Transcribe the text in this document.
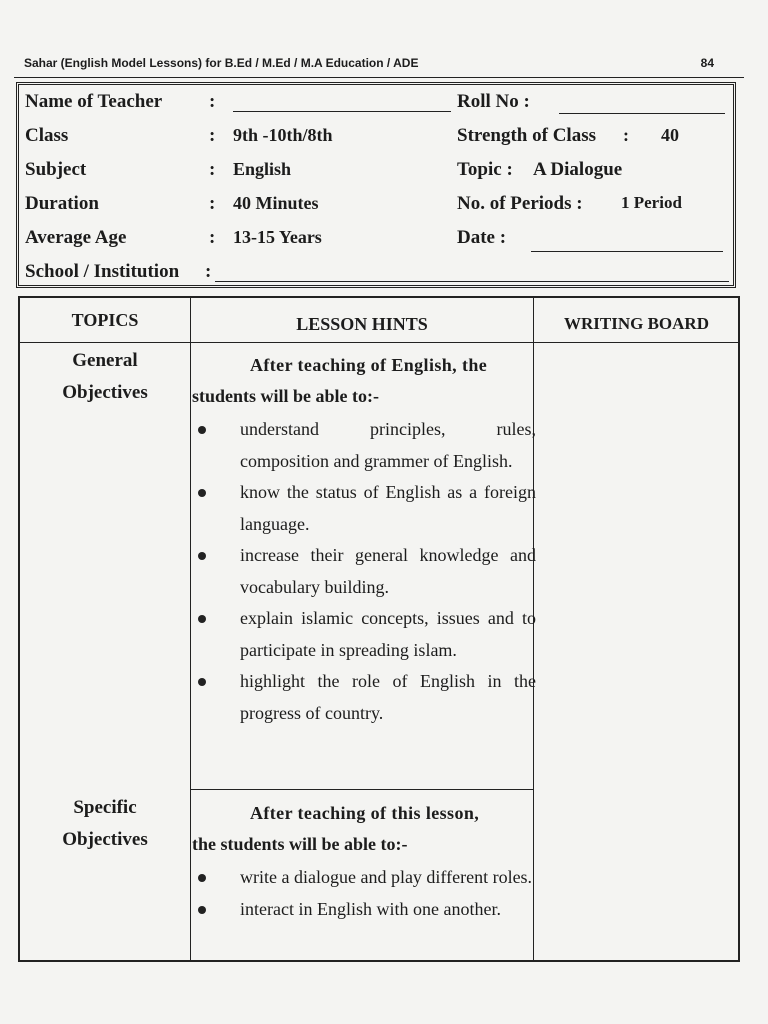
Sahar (English Model Lessons) for B.Ed / M.Ed / M.A Education / ADE	84
Name of Teacher :	Roll No :
Class	: 9th -10th/8th	Strength of Class : 40
Subject	: English	Topic : A Dialogue
Duration	: 40 Minutes	No. of Periods : 1 Period
Average Age	: 13-15 Years	Date :
School / Institution :
TOPICS	LESSON HINTS	WRITING BOARD
General
Objectives
After teaching of English, the
students will be able to:-
understand principles, rules, composition and grammer of English.
know the status of English as a foreign language.
increase their general knowledge and vocabulary building.
explain islamic concepts, issues and to participate in spreading islam.
highlight the role of English in the progress of country.
Specific
Objectives
After teaching of this lesson,
the students will be able to:-
write a dialogue and play different roles.
interact in English with one another.
